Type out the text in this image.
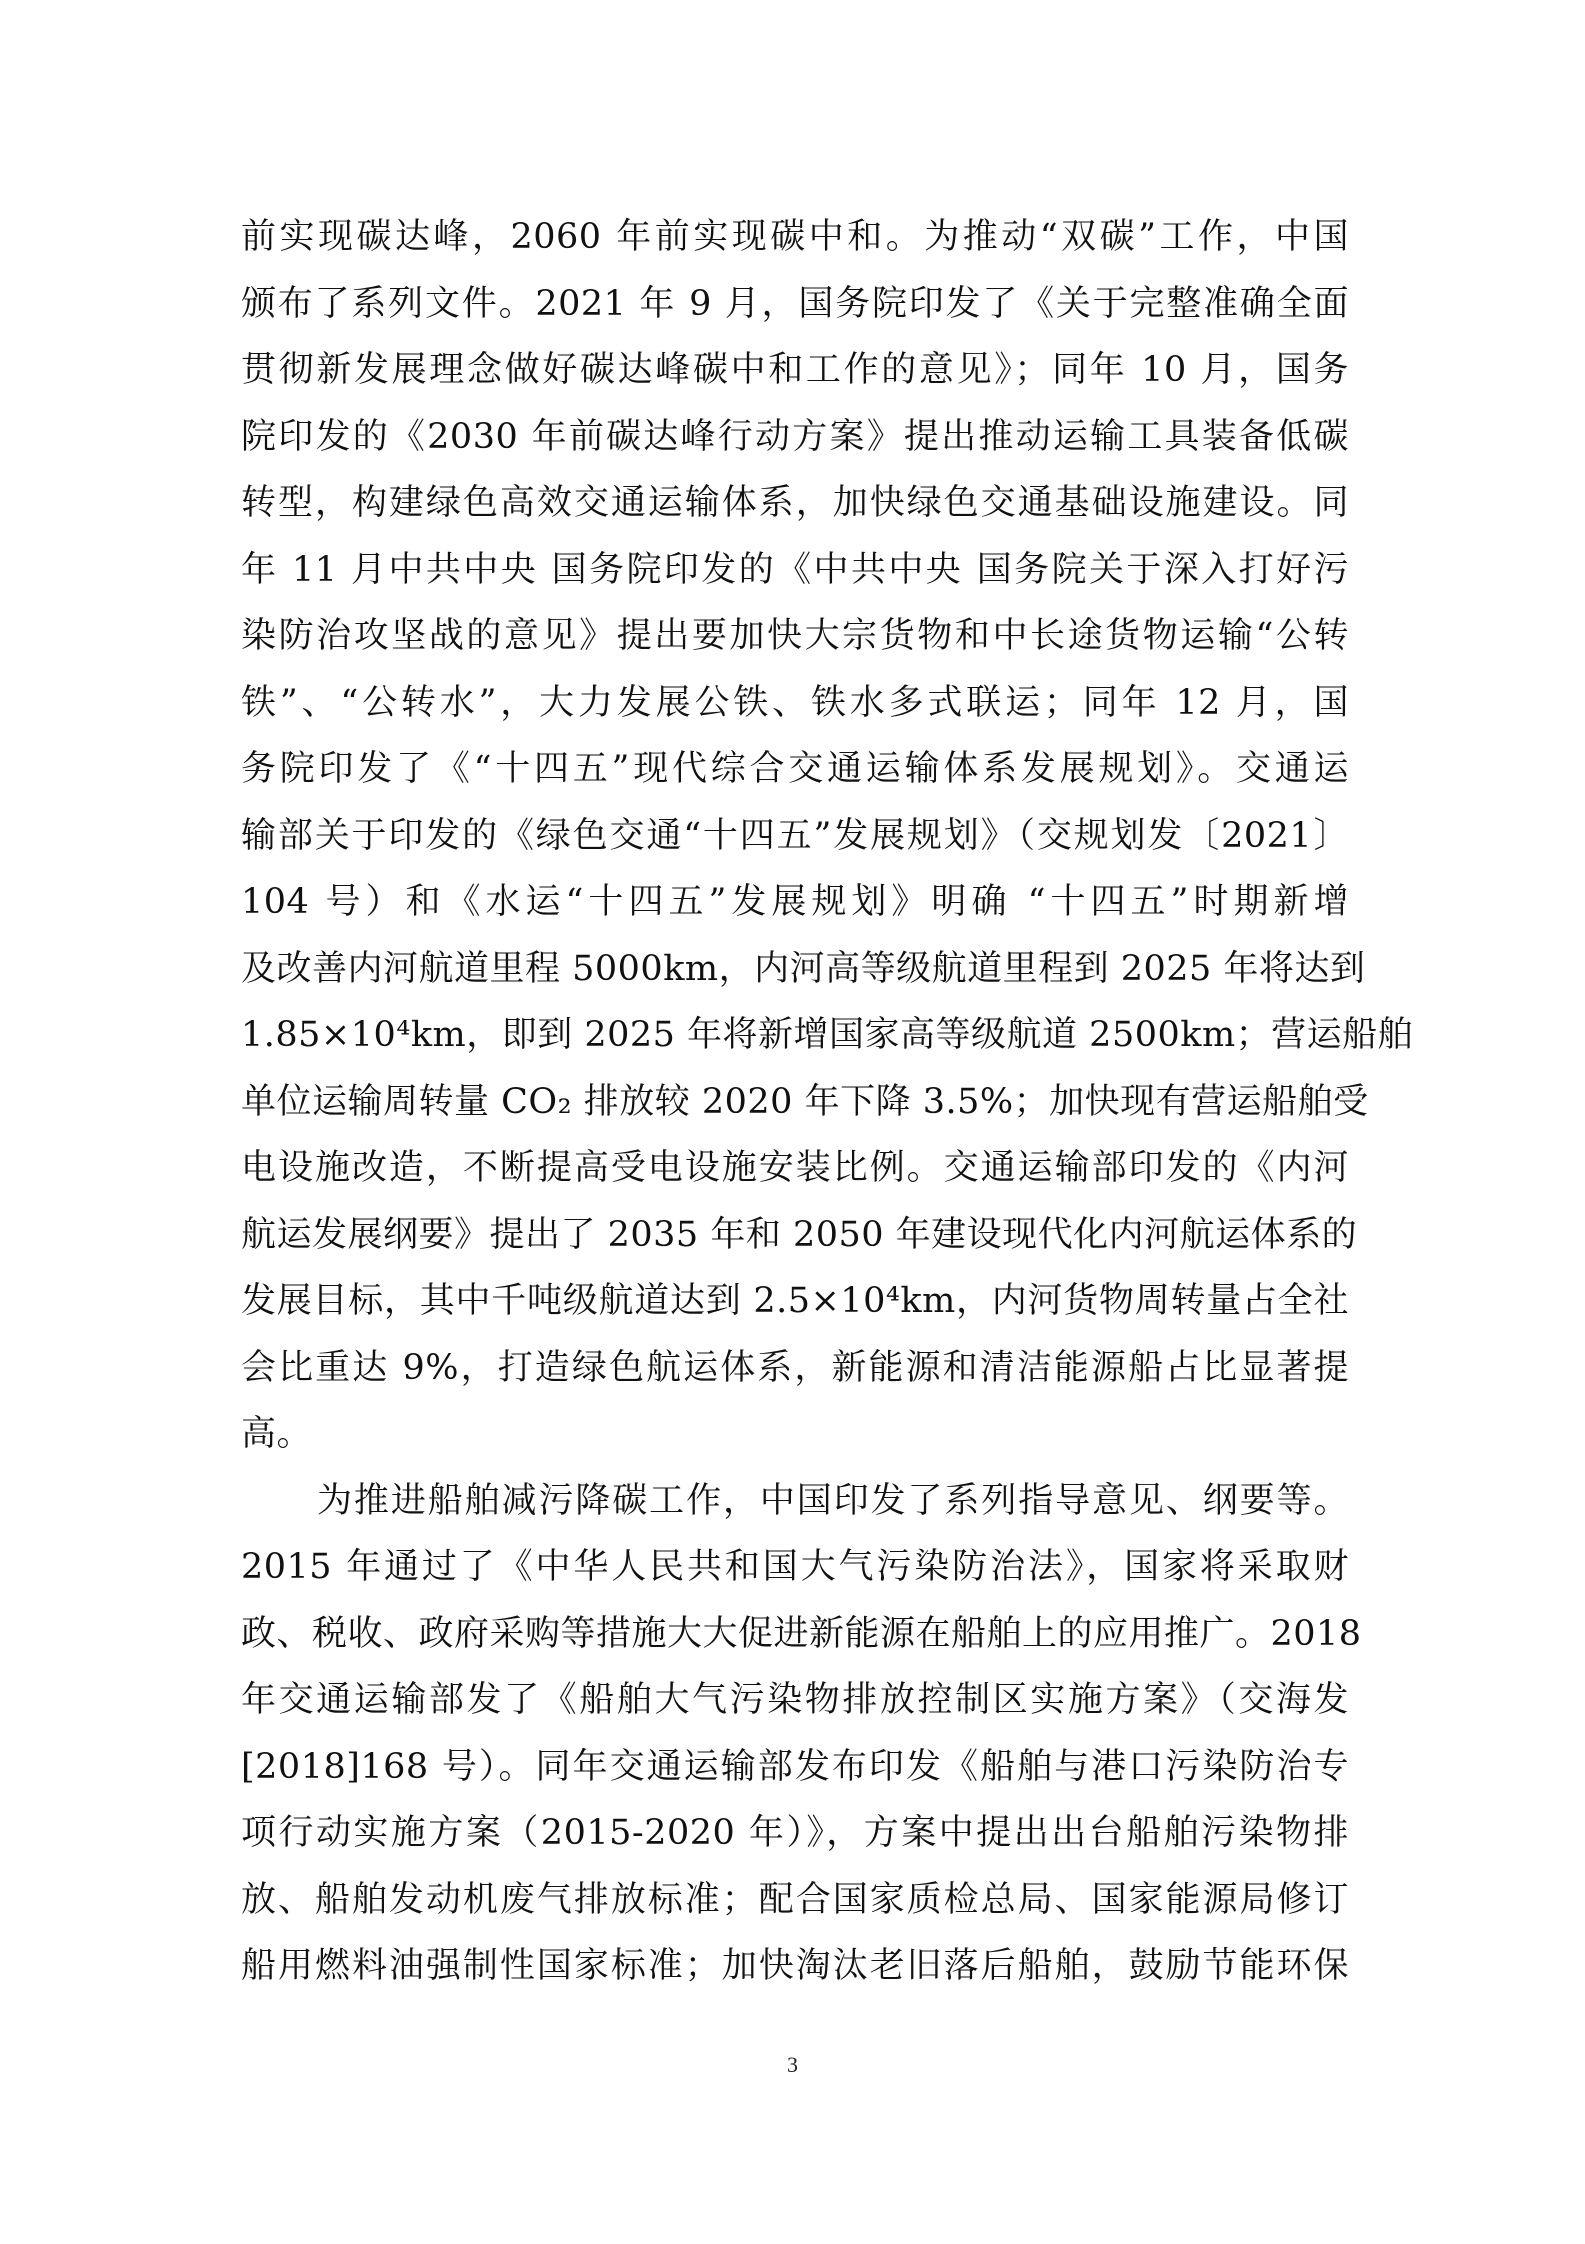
前实现碳达峰，2060 年前实现碳中和。为推动“双碳”工作，中国
颁布了系列文件。2021 年 9 月，国务院印发了《关于完整准确全面
贯彻新发展理念做好碳达峰碳中和工作的意见》；同年 10 月，国务
院印发的《2030 年前碳达峰行动方案》提出推动运输工具装备低碳
转型，构建绿色高效交通运输体系，加快绿色交通基础设施建设。同
年 11 月中共中央 国务院印发的《中共中央 国务院关于深入打好污
染防治攻坚战的意见》提出要加快大宗货物和中长途货物运输“公转
铁”、“公转水”，大力发展公铁、铁水多式联运；同年 12 月，国
务院印发了《“十四五”现代综合交通运输体系发展规划》。交通运
输部关于印发的《绿色交通“十四五”发展规划》（交规划发〔2021〕
104 号）和《水运“十四五”发展规划》明确 “十四五”时期新增
及改善内河航道里程 5000km，内河高等级航道里程到 2025 年将达到
1.85×10⁴km，即到 2025 年将新增国家高等级航道 2500km；营运船舶
单位运输周转量 CO₂ 排放较 2020 年下降 3.5%；加快现有营运船舶受
电设施改造，不断提高受电设施安装比例。交通运输部印发的《内河
航运发展纲要》提出了 2035 年和 2050 年建设现代化内河航运体系的
发展目标，其中千吨级航道达到 2.5×10⁴km，内河货物周转量占全社
会比重达 9%，打造绿色航运体系，新能源和清洁能源船占比显著提
高。
为推进船舶减污降碳工作，中国印发了系列指导意见、纲要等。
2015 年通过了《中华人民共和国大气污染防治法》，国家将采取财
政、税收、政府采购等措施大大促进新能源在船舶上的应用推广。2018
年交通运输部发了《船舶大气污染物排放控制区实施方案》（交海发
[2018]168 号）。同年交通运输部发布印发《船舶与港口污染防治专
项行动实施方案（2015-2020 年）》，方案中提出出台船舶污染物排
放、船舶发动机废气排放标准；配合国家质检总局、国家能源局修订
船用燃料油强制性国家标准；加快淘汰老旧落后船舶，鼓励节能环保
3
